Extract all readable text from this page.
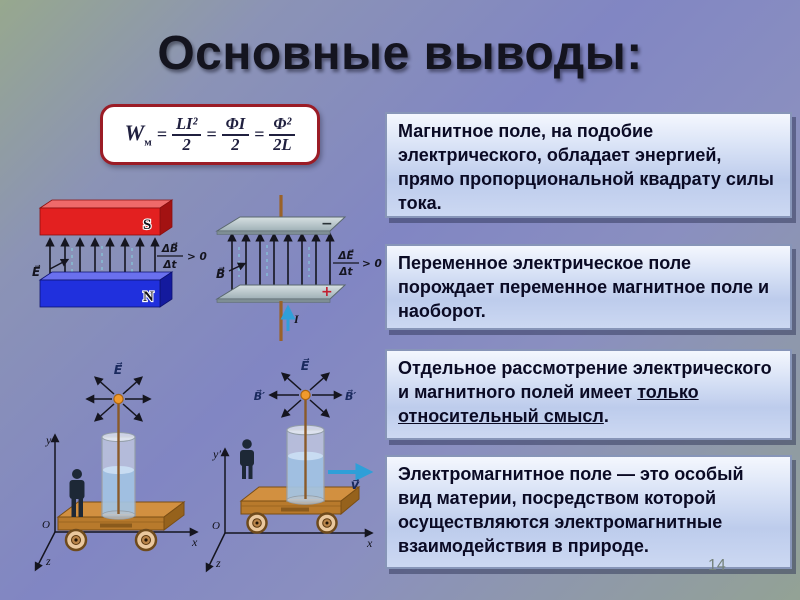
Основные выводы:
$W_м = \frac{\text{LI²}}{2} = \frac{\Phi I}{2} = \frac{\text{Φ²}}{2L}$
S
N
E⃗
ΔB⃗
Δt
> 0
−
+
B⃗
ΔE⃗
Δt
> 0
I
y
x
z
O
E⃗
y′
x
z
O
E⃗
B⃗′	B⃗′
v⃗
Магнитное поле, на подобие электрического, обладает энергией, прямо пропорциональной квадрату силы тока.
Переменное электрическое поле порождает переменное магнитное поле и наоборот.
Отдельное рассмотрение электрического и магнитного полей имеет только относительный смысл.
Электромагнитное поле — это особый вид материи, посредством которой осуществляются электромагнитные взаимодействия в природе.
14
